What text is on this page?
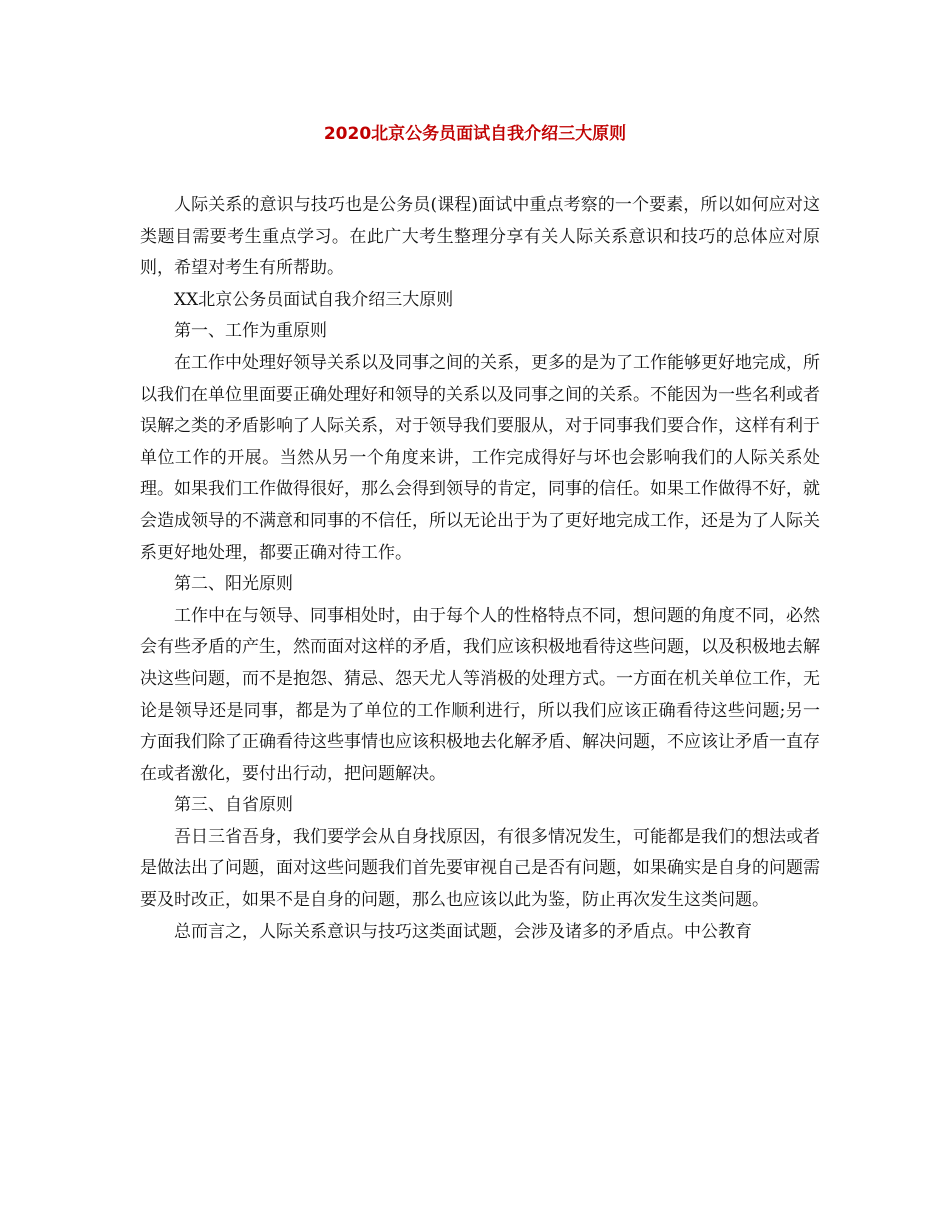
2020北京公务员面试自我介绍三大原则

人际关系的意识与技巧也是公务员(课程)面试中重点考察的一个要素，所以如何应对这类题目需要考生重点学习。在此广大考生整理分享有关人际关系意识和技巧的总体应对原则，希望对考生有所帮助。

XX北京公务员面试自我介绍三大原则

第一、工作为重原则

在工作中处理好领导关系以及同事之间的关系，更多的是为了工作能够更好地完成，所以我们在单位里面要正确处理好和领导的关系以及同事之间的关系。不能因为一些名利或者误解之类的矛盾影响了人际关系，对于领导我们要服从，对于同事我们要合作，这样有利于单位工作的开展。当然从另一个角度来讲，工作完成得好与坏也会影响我们的人际关系处理。如果我们工作做得很好，那么会得到领导的肯定，同事的信任。如果工作做得不好，就会造成领导的不满意和同事的不信任，所以无论出于为了更好地完成工作，还是为了人际关系更好地处理，都要正确对待工作。

第二、阳光原则

工作中在与领导、同事相处时，由于每个人的性格特点不同，想问题的角度不同，必然会有些矛盾的产生，然而面对这样的矛盾，我们应该积极地看待这些问题，以及积极地去解决这些问题，而不是抱怨、猜忌、怨天尤人等消极的处理方式。一方面在机关单位工作，无论是领导还是同事，都是为了单位的工作顺利进行，所以我们应该正确看待这些问题;另一方面我们除了正确看待这些事情也应该积极地去化解矛盾、解决问题，不应该让矛盾一直存在或者激化，要付出行动，把问题解决。

第三、自省原则

吾日三省吾身，我们要学会从自身找原因，有很多情况发生，可能都是我们的想法或者是做法出了问题，面对这些问题我们首先要审视自己是否有问题，如果确实是自身的问题需要及时改正，如果不是自身的问题，那么也应该以此为鉴，防止再次发生这类问题。

总而言之，人际关系意识与技巧这类面试题，会涉及诸多的矛盾点。中公教育
